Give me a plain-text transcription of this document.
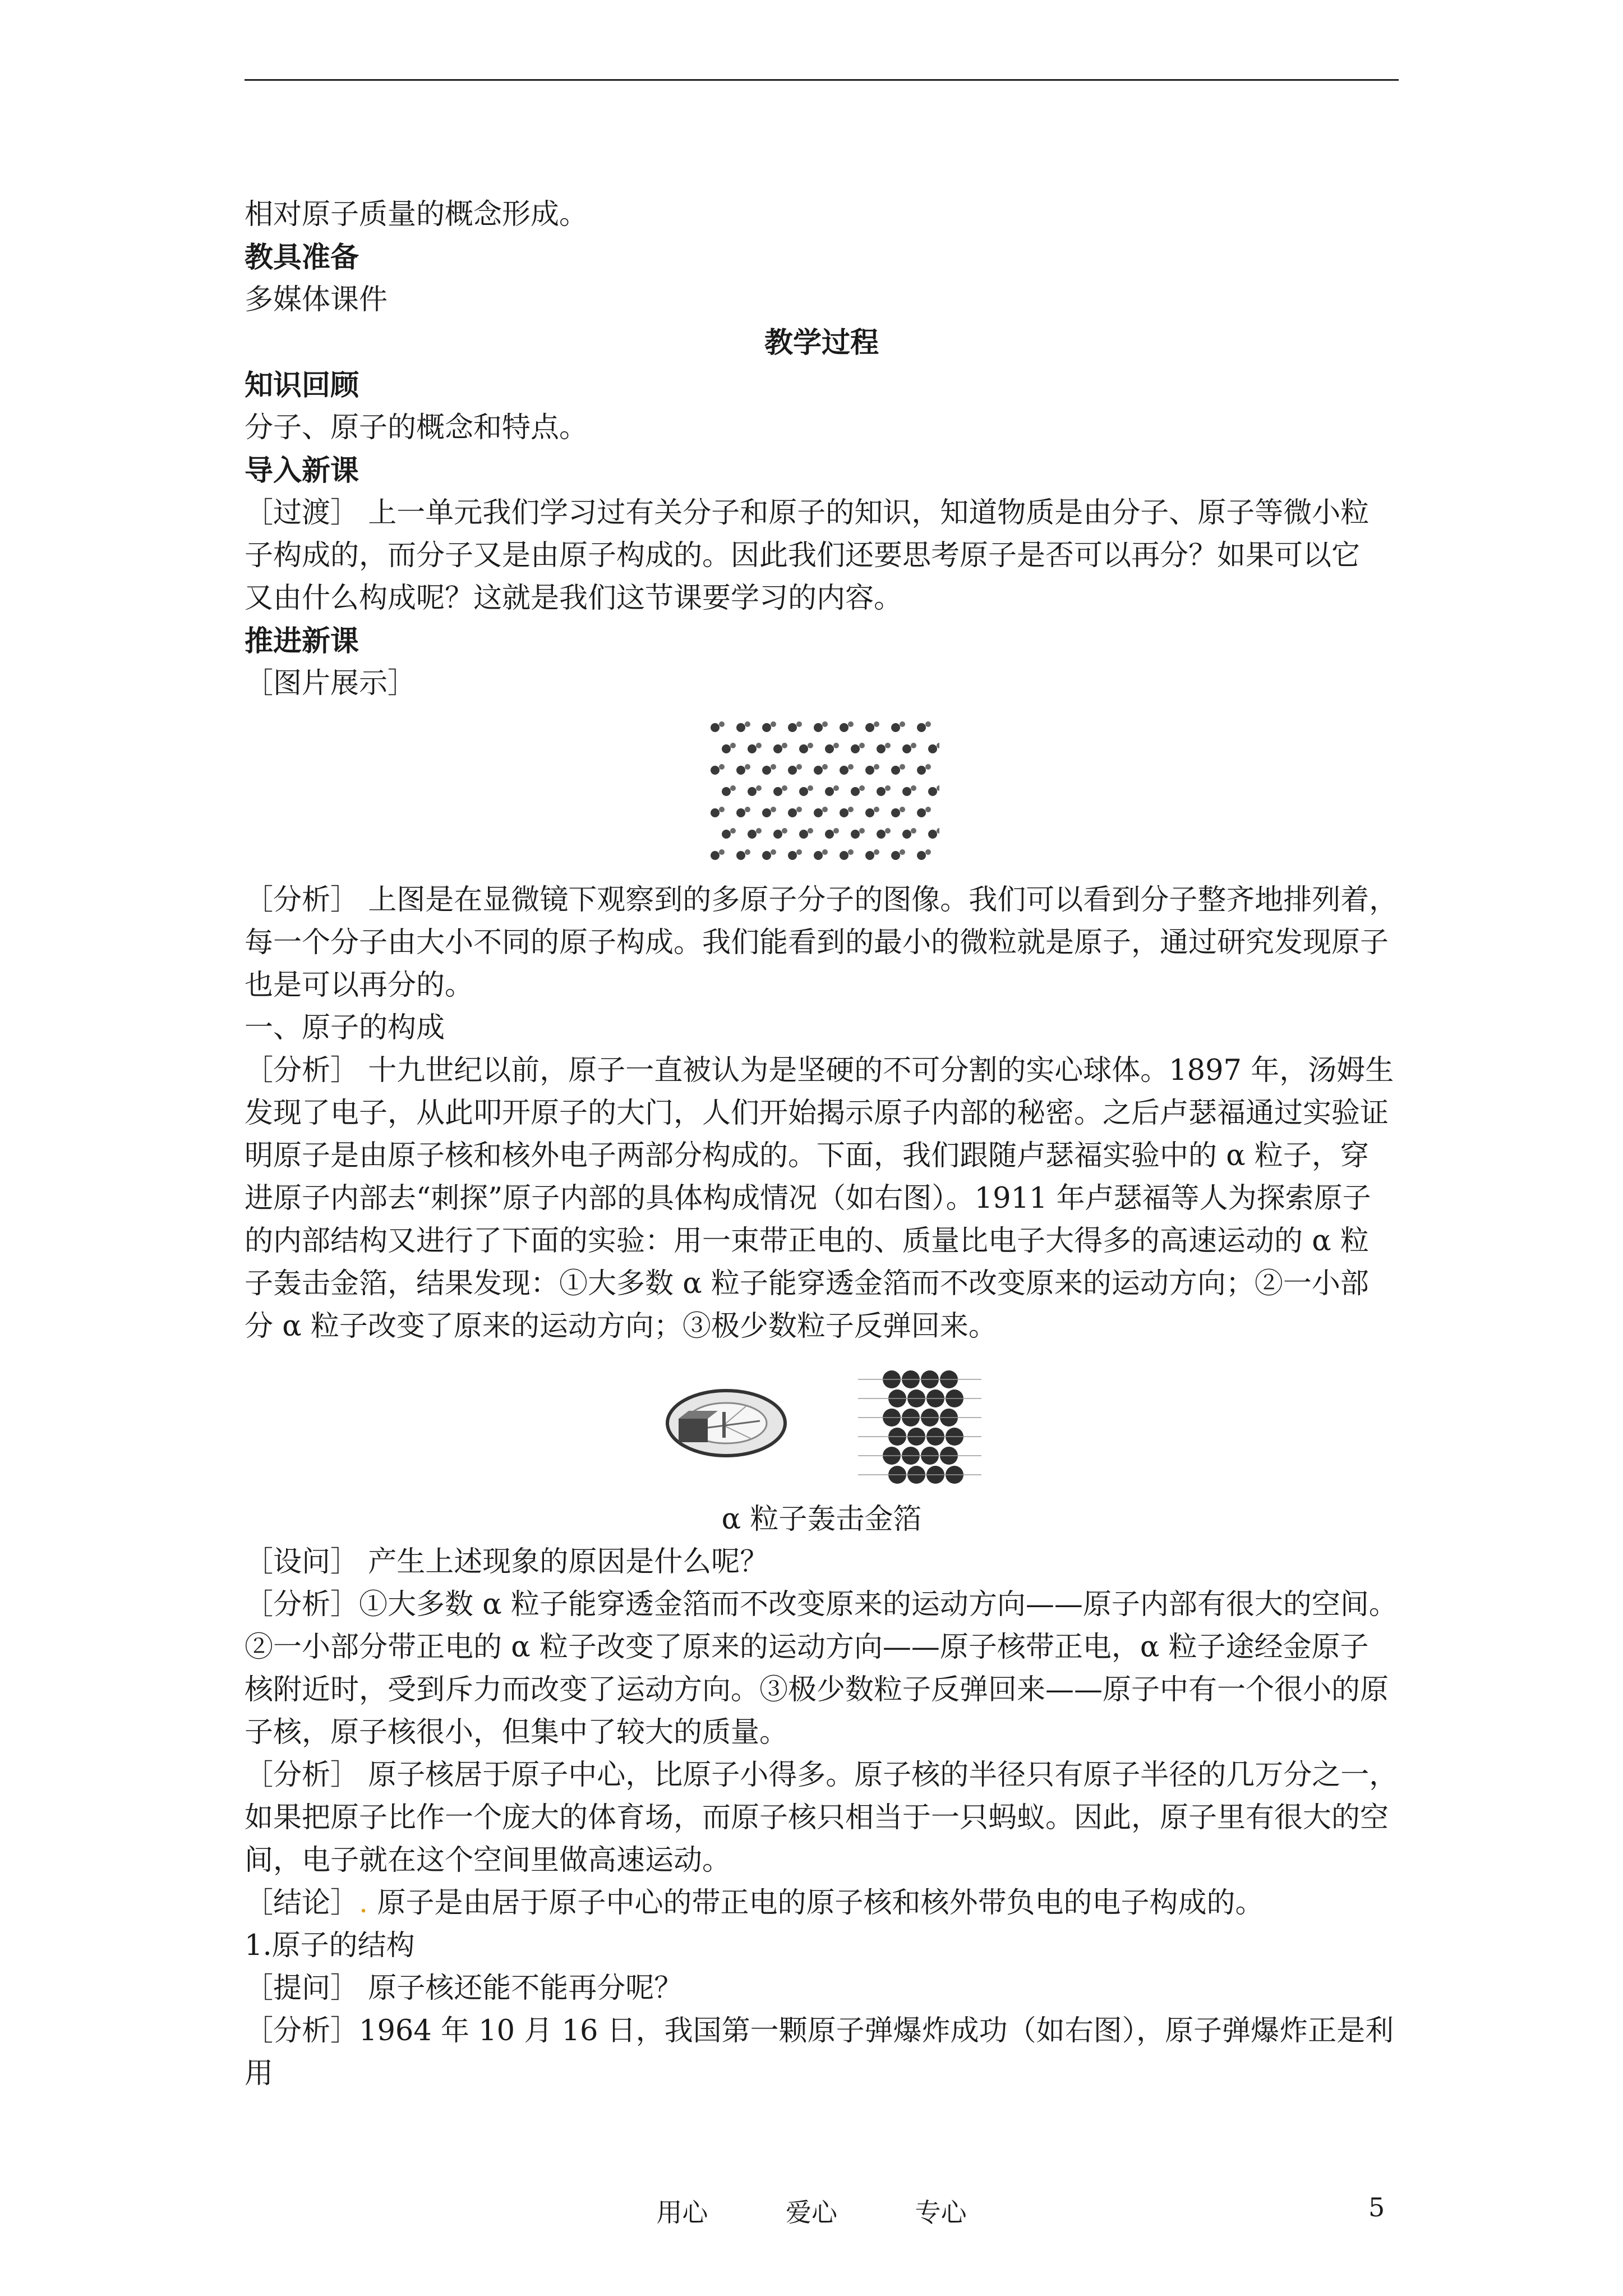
相对原子质量的概念形成。

教具准备

多媒体课件

教学过程

知识回顾

分子、原子的概念和特点。

导入新课

［过渡］ 上一单元我们学习过有关分子和原子的知识，知道物质是由分子、原子等微小粒

子构成的，而分子又是由原子构成的。因此我们还要思考原子是否可以再分？如果可以它

又由什么构成呢？这就是我们这节课要学习的内容。

推进新课

［图片展示］

［分析］ 上图是在显微镜下观察到的多原子分子的图像。我们可以看到分子整齐地排列着，

每一个分子由大小不同的原子构成。我们能看到的最小的微粒就是原子，通过研究发现原子

也是可以再分的。

一、原子的构成

［分析］ 十九世纪以前，原子一直被认为是坚硬的不可分割的实心球体。1897 年，汤姆生

发现了电子，从此叩开原子的大门，人们开始揭示原子内部的秘密。之后卢瑟福通过实验证

明原子是由原子核和核外电子两部分构成的。下面，我们跟随卢瑟福实验中的 α 粒子，穿

进原子内部去“刺探”原子内部的具体构成情况（如右图）。1911 年卢瑟福等人为探索原子

的内部结构又进行了下面的实验：用一束带正电的、质量比电子大得多的高速运动的 α 粒

子轰击金箔，结果发现：①大多数 α 粒子能穿透金箔而不改变原来的运动方向；②一小部

分 α 粒子改变了原来的运动方向；③极少数粒子反弹回来。

α 粒子轰击金箔

［设问］ 产生上述现象的原因是什么呢？

［分析］①大多数 α 粒子能穿透金箔而不改变原来的运动方向——原子内部有很大的空间。

②一小部分带正电的 α 粒子改变了原来的运动方向——原子核带正电，α 粒子途经金原子

核附近时，受到斥力而改变了运动方向。③极少数粒子反弹回来——原子中有一个很小的原

子核，原子核很小，但集中了较大的质量。

［分析］ 原子核居于原子中心，比原子小得多。原子核的半径只有原子半径的几万分之一，

如果把原子比作一个庞大的体育场，而原子核只相当于一只蚂蚁。因此，原子里有很大的空

间，电子就在这个空间里做高速运动。

［结论］. 原子是由居于原子中心的带正电的原子核和核外带负电的电子构成的。

1.原子的结构

［提问］ 原子核还能不能再分呢？

［分析］1964 年 10 月 16 日，我国第一颗原子弹爆炸成功（如右图），原子弹爆炸正是利用

用心	爱心	专心	5
